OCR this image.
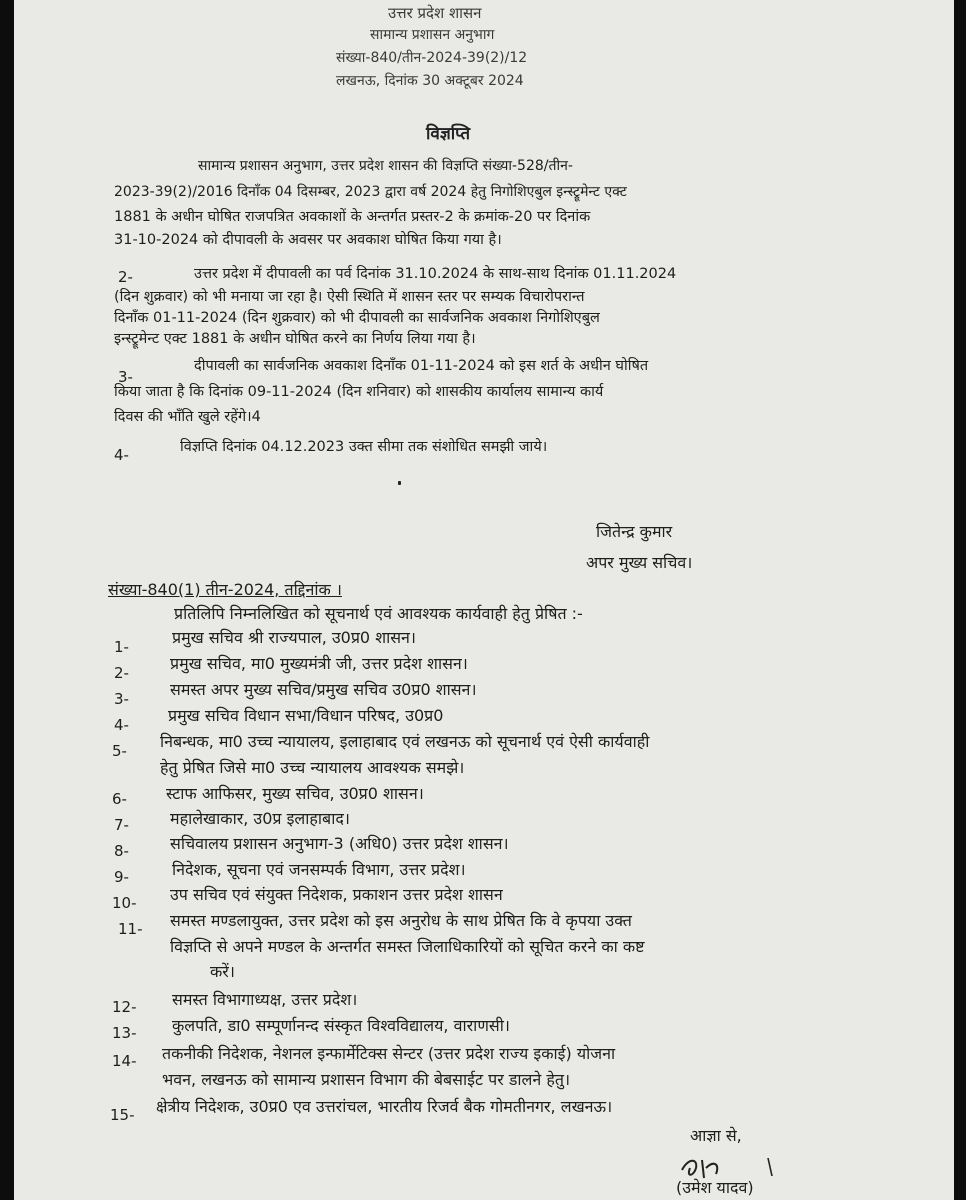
उत्तर प्रदेश शासन
सामान्य प्रशासन अनुभाग
संख्या-840/तीन-2024-39(2)/12
लखनऊ, दिनांक 30 अक्टूबर 2024
विज्ञप्ति
सामान्य प्रशासन अनुभाग, उत्तर प्रदेश शासन की विज्ञप्ति संख्या-528/तीन-
2023-39(2)/2016 दिनाँक 04 दिसम्बर, 2023 द्वारा वर्ष 2024 हेतु निगोशिएबुल इन्स्ट्रूमेन्ट एक्ट
1881 के अधीन घोषित राजपत्रित अवकाशों के अन्तर्गत प्रस्तर-2 के क्रमांक-20 पर दिनांक
31-10-2024 को दीपावली के अवसर पर अवकाश घोषित किया गया है।
2-	उत्तर प्रदेश में दीपावली का पर्व दिनांक 31.10.2024 के साथ-साथ दिनांक 01.11.2024
(दिन शुक्रवार) को भी मनाया जा रहा है। ऐसी स्थिति में शासन स्तर पर सम्यक विचारोपरान्त
दिनाँक 01-11-2024 (दिन शुक्रवार) को भी दीपावली का सार्वजनिक अवकाश निगोशिएबुल
इन्स्ट्रूमेन्ट एक्ट 1881 के अधीन घोषित करने का निर्णय लिया गया है।
3-
दीपावली का सार्वजनिक अवकाश दिनाँक 01-11-2024 को इस शर्त के अधीन घोषित
किया जाता है कि दिनांक 09-11-2024 (दिन शनिवार) को शासकीय कार्यालय सामान्य कार्य
दिवस की भाँति खुले रहेंगे।4
4-	विज्ञप्ति दिनांक 04.12.2023 उक्त सीमा तक संशोधित समझी जाये।
जितेन्द्र कुमार
अपर मुख्य सचिव।
संख्या-840(1) तीन-2024, तद्दिनांक ।
प्रतिलिपि निम्नलिखित को सूचनार्थ एवं आवश्यक कार्यवाही हेतु प्रेषित :-
1-	प्रमुख सचिव श्री राज्यपाल, उ0प्र0 शासन।
2-	प्रमुख सचिव, मा0 मुख्यमंत्री जी, उत्तर प्रदेश शासन।
3-	समस्त अपर मुख्य सचिव/प्रमुख सचिव उ0प्र0 शासन।
4- प्रमुख सचिव विधान सभा/विधान परिषद, उ0प्र0
5- निबन्धक, मा0 उच्च न्यायालय, इलाहाबाद एवं लखनऊ को सूचनार्थ एवं ऐसी कार्यवाही
हेतु प्रेषित जिसे मा0 उच्च न्यायालय आवश्यक समझे।
6- स्टाफ आफिसर, मुख्य सचिव, उ0प्र0 शासन।
7-	महालेखाकार, उ0प्र इलाहाबाद।
8-	सचिवालय प्रशासन अनुभाग-3 (अधि0) उत्तर प्रदेश शासन।
9-	निदेशक, सूचना एवं जनसम्पर्क विभाग, उत्तर प्रदेश।
10- उप सचिव एवं संयुक्त निदेशक, प्रकाशन उत्तर प्रदेश शासन
11- समस्त मण्डलायुक्त, उत्तर प्रदेश को इस अनुरोध के साथ प्रेषित कि वे कृपया उक्त
विज्ञप्ति से अपने मण्डल के अन्तर्गत समस्त जिलाधिकारियों को सूचित करने का कष्ट
करें।
12- समस्त विभागाध्यक्ष, उत्तर प्रदेश।
13- कुलपति, डा0 सम्पूर्णानन्द संस्कृत विश्वविद्यालय, वाराणसी।
14- तकनीकी निदेशक, नेशनल इन्फार्मेटिक्स सेन्टर (उत्तर प्रदेश राज्य इकाई) योजना
भवन, लखनऊ को सामान्य प्रशासन विभाग की बेबसाईट पर डालने हेतु।
15- क्षेत्रीय निदेशक, उ0प्र0 एव उत्तरांचल, भारतीय रिजर्व बैक गोमतीनगर, लखनऊ।
आज्ञा से,
(उमेश यादव)
